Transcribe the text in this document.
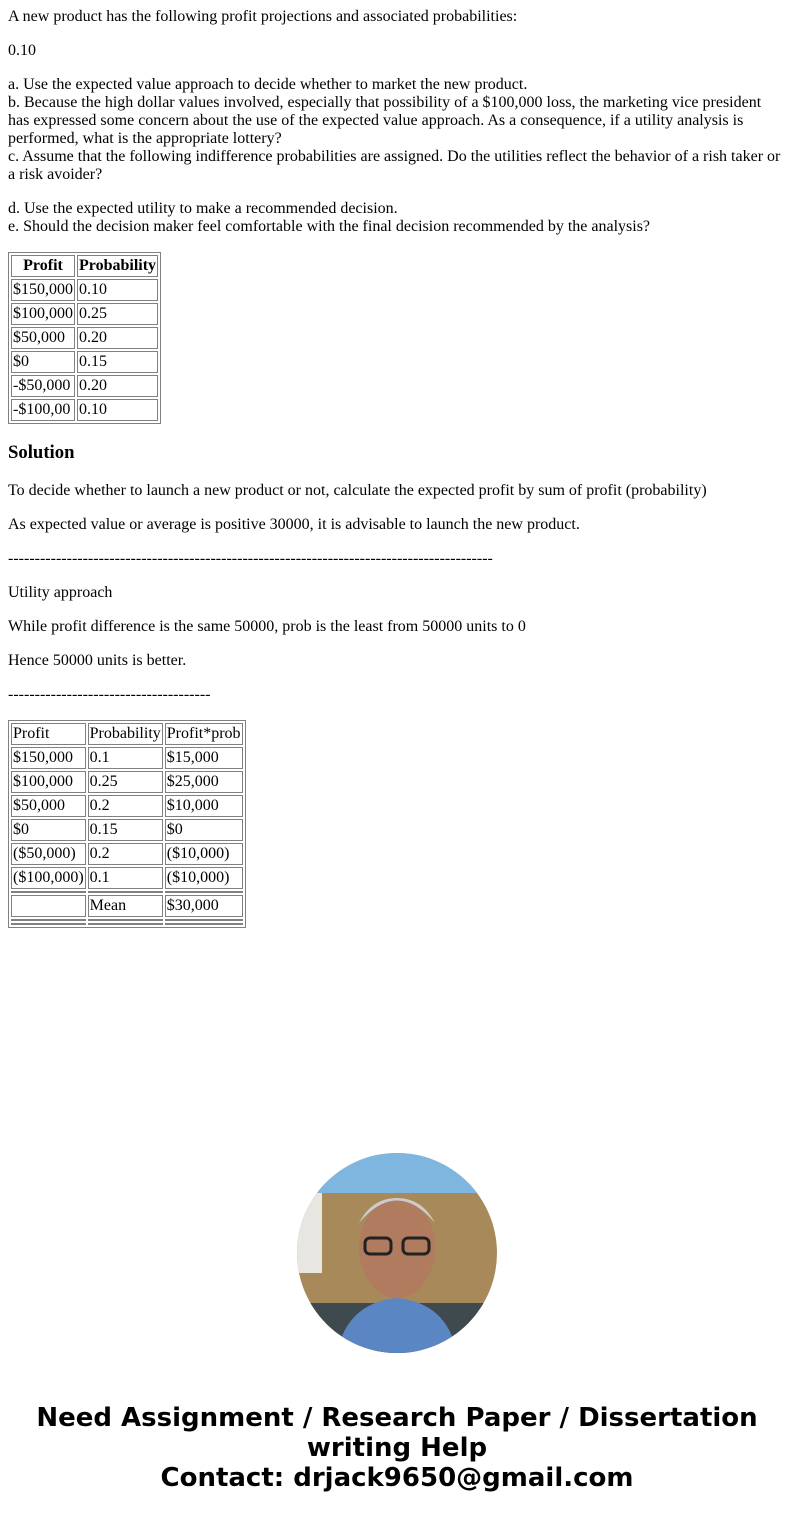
A new product has the following profit projections and associated probabilities:

0.10

a. Use the expected value approach to decide whether to market the new product.
b. Because the high dollar values involved, especially that possibility of a $100,000 loss, the marketing vice president has expressed some concern about the use of the expected value approach. As a consequence, if a utility analysis is performed, what is the appropriate lottery?
c. Assume that the following indifference probabilities are assigned. Do the utilities reflect the behavior of a rish taker or a risk avoider?

d. Use the expected utility to make a recommended decision.
e. Should the decision maker feel comfortable with the final decision recommended by the analysis?

Profit	Probability
$150,000	0.10
$100,000	0.25
$50,000	0.20
$0	0.15
-$50,000	0.20
-$100,00	0.10
Solution

To decide whether to launch a new product or not, calculate the expected profit by sum of profit (probability)

As expected value or average is positive 30000, it is advisable to launch the new product.

-------------------------------------------------------------------------------------------

Utility approach

While profit difference is the same 50000, prob is the least from 50000 units to 0

Hence 50000 units is better.

--------------------------------------

Profit	Probability	Profit*prob
$150,000	0.1	$15,000
$100,000	0.25	$25,000
$50,000	0.2	$10,000
$0	0.15	$0
($50,000)	0.2	($10,000)
($100,000)	0.1	($10,000)

	Mean	$30,000

Need Assignment / Research Paper / Dissertation writing Help
Contact: drjack9650@gmail.com
